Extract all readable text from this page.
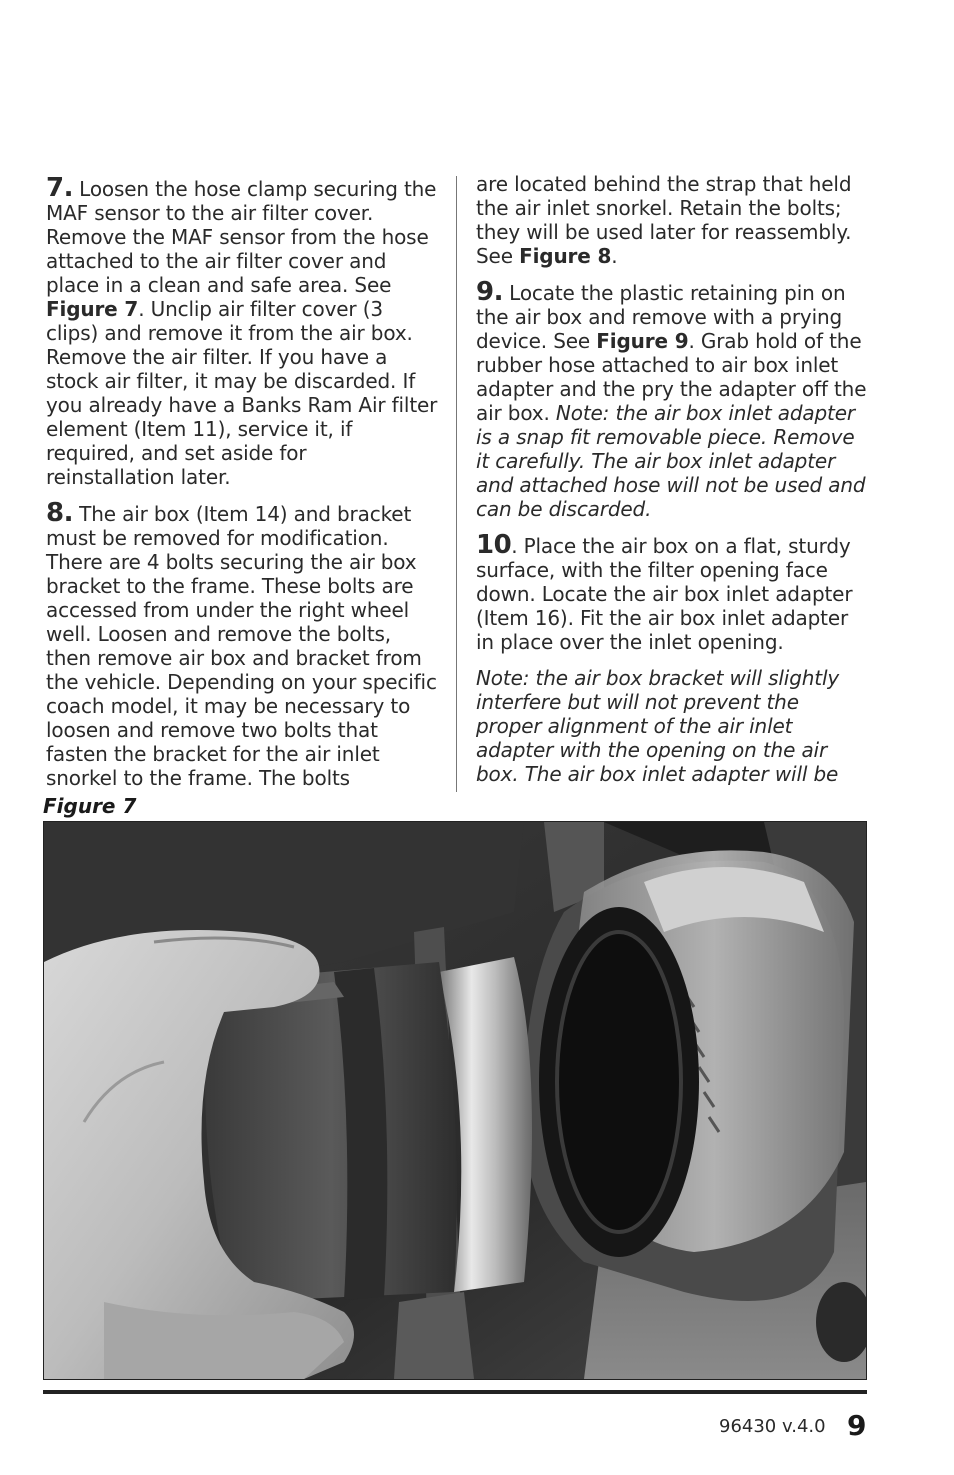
7. Loosen the hose clamp securing the MAF sensor to the air filter cover. Remove the MAF sensor from the hose attached to the air filter cover and place in a clean and safe area. See Figure 7. Unclip air filter cover (3 clips) and remove it from the air box. Remove the air filter. If you have a stock air filter, it may be discarded. If you already have a Banks Ram Air filter element (Item 11), service it, if required, and set aside for reinstallation later.

8. The air box (Item 14) and bracket must be removed for modification. There are 4 bolts securing the air box bracket to the frame. These bolts are accessed from under the right wheel well. Loosen and remove the bolts, then remove air box and bracket from the vehicle. Depending on your specific coach model, it may be necessary to loosen and remove two bolts that fasten the bracket for the air inlet snorkel to the frame. The bolts

are located behind the strap that held the air inlet snorkel. Retain the bolts; they will be used later for reassembly. See Figure 8.

9. Locate the plastic retaining pin on the air box and remove with a prying device. See Figure 9. Grab hold of the rubber hose attached to air box inlet adapter and the pry the adapter off the air box. Note: the air box inlet adapter is a snap fit removable piece. Remove it carefully. The air box inlet adapter and attached hose will not be used and can be discarded.

10. Place the air box on a flat, sturdy surface, with the filter opening face down. Locate the air box inlet adapter (Item 16). Fit the air box inlet adapter in place over the inlet opening.

Note: the air box bracket will slightly interfere but will not prevent the proper alignment of the air inlet adapter with the opening on the air box. The air box inlet adapter will be

Figure 7
96430 v.4.0 9
